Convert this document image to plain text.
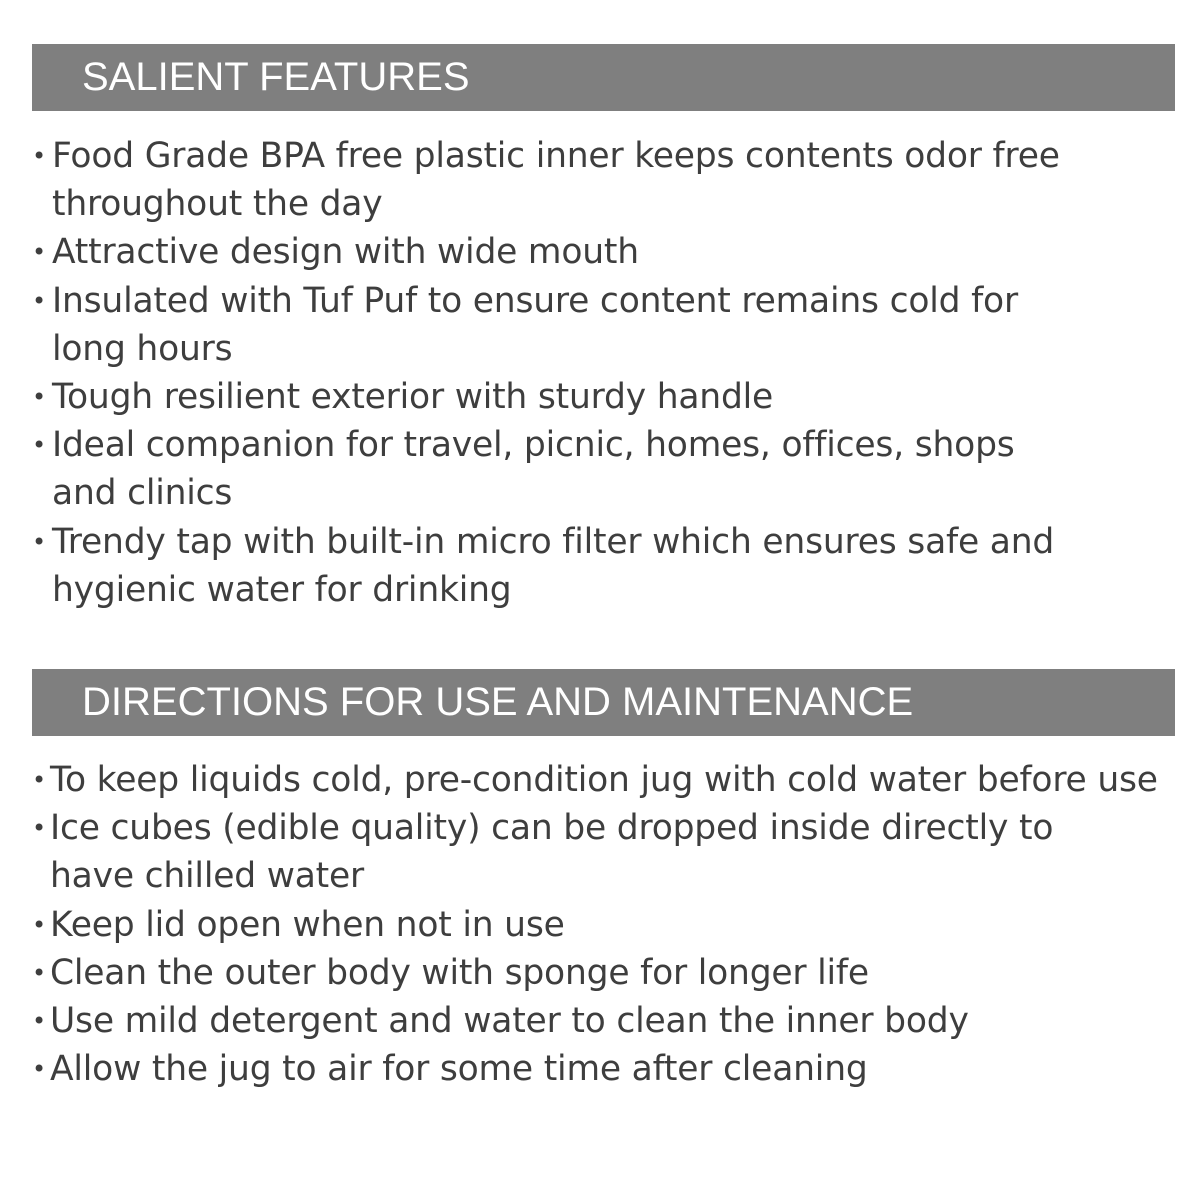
SALIENT FEATURES
• Food Grade BPA free plastic inner keeps contents odor free
throughout the day
• Attractive design with wide mouth
• Insulated with Tuf Puf to ensure content remains cold for
long hours
• Tough resilient exterior with sturdy handle
• Ideal companion for travel, picnic, homes, offices, shops
and clinics
• Trendy tap with built-in micro filter which ensures safe and
hygienic water for drinking
DIRECTIONS FOR USE AND MAINTENANCE
• To keep liquids cold, pre-condition jug with cold water before use
• Ice cubes (edible quality) can be dropped inside directly to
have chilled water
• Keep lid open when not in use
• Clean the outer body with sponge for longer life
• Use mild detergent and water to clean the inner body
• Allow the jug to air for some time after cleaning
